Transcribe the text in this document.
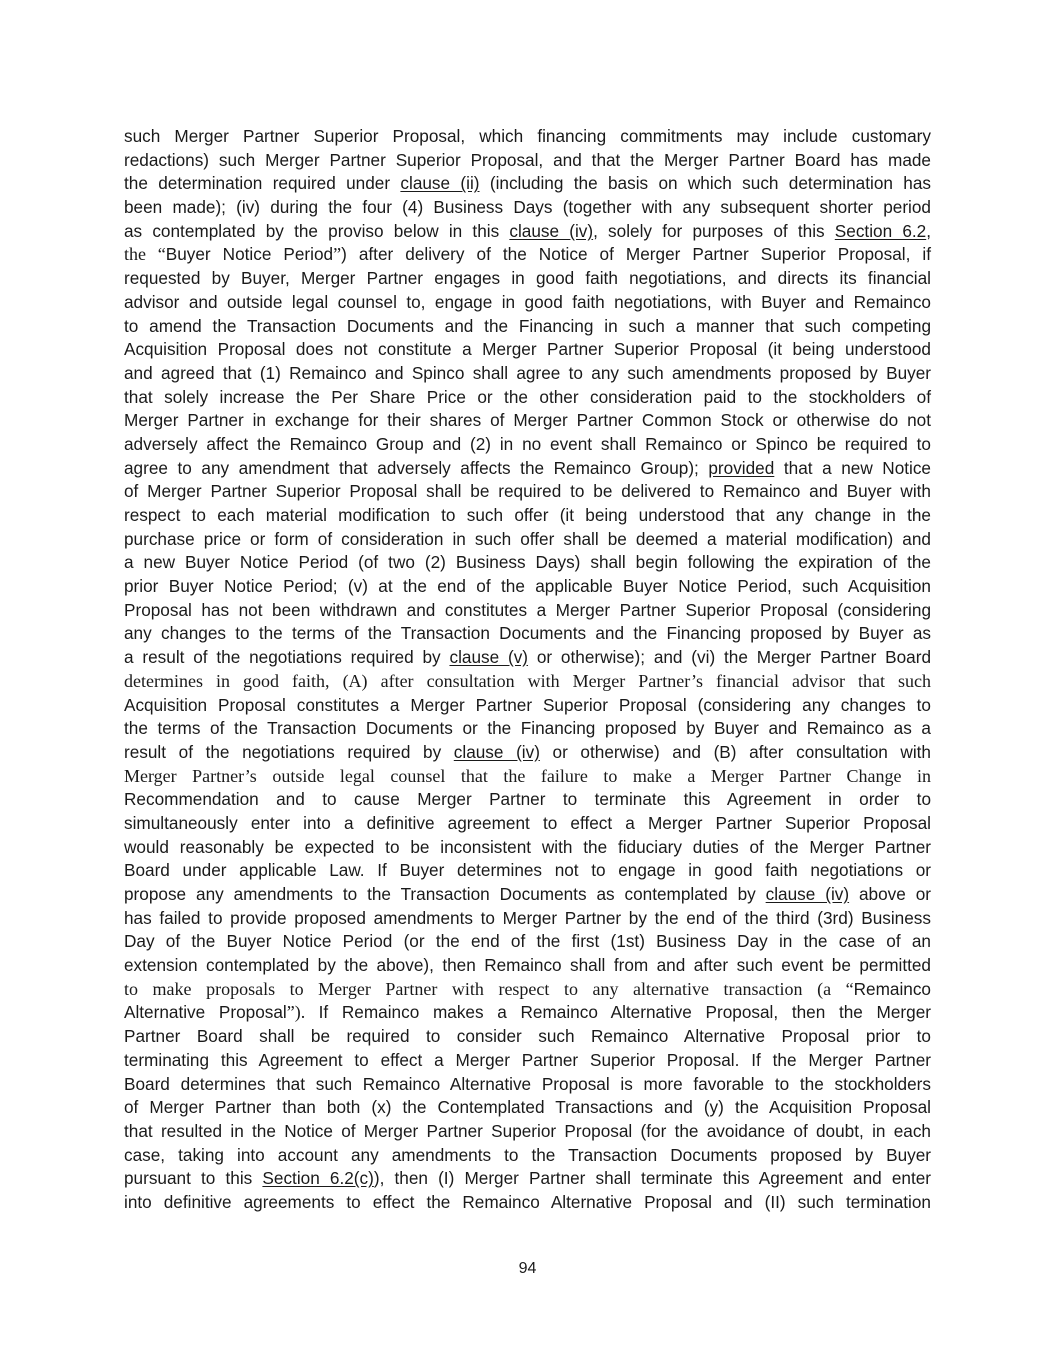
such Merger Partner Superior Proposal, which financing commitments may include customary
redactions) such Merger Partner Superior Proposal, and that the Merger Partner Board has made
the determination required under clause (ii) (including the basis on which such determination has
been made); (iv) during the four (4) Business Days (together with any subsequent shorter period
as contemplated by the proviso below in this clause (iv), solely for purposes of this Section 6.2,
the “Buyer Notice Period”) after delivery of the Notice of Merger Partner Superior Proposal, if
requested by Buyer, Merger Partner engages in good faith negotiations, and directs its financial
advisor and outside legal counsel to, engage in good faith negotiations, with Buyer and Remainco
to amend the Transaction Documents and the Financing in such a manner that such competing
Acquisition Proposal does not constitute a Merger Partner Superior Proposal (it being understood
and agreed that (1) Remainco and Spinco shall agree to any such amendments proposed by Buyer
that solely increase the Per Share Price or the other consideration paid to the stockholders of
Merger Partner in exchange for their shares of Merger Partner Common Stock or otherwise do not
adversely affect the Remainco Group and (2) in no event shall Remainco or Spinco be required to
agree to any amendment that adversely affects the Remainco Group); provided that a new Notice
of Merger Partner Superior Proposal shall be required to be delivered to Remainco and Buyer with
respect to each material modification to such offer (it being understood that any change in the
purchase price or form of consideration in such offer shall be deemed a material modification) and
a new Buyer Notice Period (of two (2) Business Days) shall begin following the expiration of the
prior Buyer Notice Period; (v) at the end of the applicable Buyer Notice Period, such Acquisition
Proposal has not been withdrawn and constitutes a Merger Partner Superior Proposal (considering
any changes to the terms of the Transaction Documents and the Financing proposed by Buyer as
a result of the negotiations required by clause (v) or otherwise); and (vi) the Merger Partner Board
determines in good faith, (A) after consultation with Merger Partner’s financial advisor that such
Acquisition Proposal constitutes a Merger Partner Superior Proposal (considering any changes to
the terms of the Transaction Documents or the Financing proposed by Buyer and Remainco as a
result of the negotiations required by clause (iv) or otherwise) and (B) after consultation with
Merger Partner’s outside legal counsel that the failure to make a Merger Partner Change in
Recommendation and to cause Merger Partner to terminate this Agreement in order to
simultaneously enter into a definitive agreement to effect a Merger Partner Superior Proposal
would reasonably be expected to be inconsistent with the fiduciary duties of the Merger Partner
Board under applicable Law. If Buyer determines not to engage in good faith negotiations or
propose any amendments to the Transaction Documents as contemplated by clause (iv) above or
has failed to provide proposed amendments to Merger Partner by the end of the third (3rd) Business
Day of the Buyer Notice Period (or the end of the first (1st) Business Day in the case of an
extension contemplated by the above), then Remainco shall from and after such event be permitted
to make proposals to Merger Partner with respect to any alternative transaction (a “Remainco
Alternative Proposal”). If Remainco makes a Remainco Alternative Proposal, then the Merger
Partner Board shall be required to consider such Remainco Alternative Proposal prior to
terminating this Agreement to effect a Merger Partner Superior Proposal. If the Merger Partner
Board determines that such Remainco Alternative Proposal is more favorable to the stockholders
of Merger Partner than both (x) the Contemplated Transactions and (y) the Acquisition Proposal
that resulted in the Notice of Merger Partner Superior Proposal (for the avoidance of doubt, in each
case, taking into account any amendments to the Transaction Documents proposed by Buyer
pursuant to this Section 6.2(c)), then (I) Merger Partner shall terminate this Agreement and enter
into definitive agreements to effect the Remainco Alternative Proposal and (II) such termination
94
